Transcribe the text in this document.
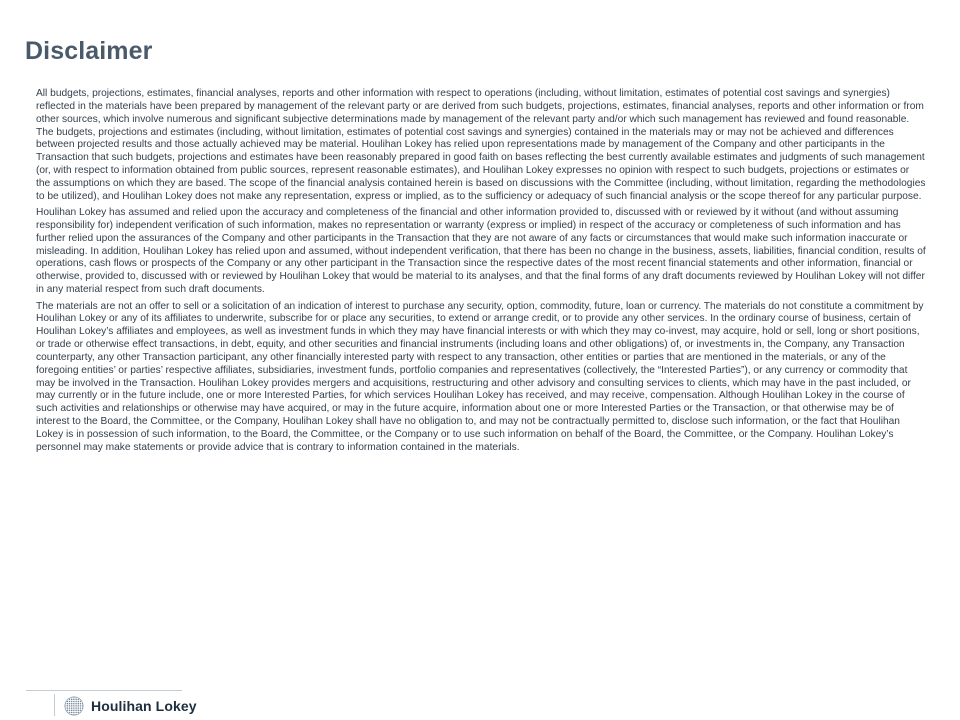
Disclaimer

All budgets, projections, estimates, financial analyses, reports and other information with respect to operations (including, without limitation, estimates of potential cost savings and synergies) reflected in the materials have been prepared by management of the relevant party or are derived from such budgets, projections, estimates, financial analyses, reports and other information or from other sources, which involve numerous and significant subjective determinations made by management of the relevant party and/or which such management has reviewed and found reasonable. The budgets, projections and estimates (including, without limitation, estimates of potential cost savings and synergies) contained in the materials may or may not be achieved and differences between projected results and those actually achieved may be material. Houlihan Lokey has relied upon representations made by management of the Company and other participants in the Transaction that such budgets, projections and estimates have been reasonably prepared in good faith on bases reflecting the best currently available estimates and judgments of such management (or, with respect to information obtained from public sources, represent reasonable estimates), and Houlihan Lokey expresses no opinion with respect to such budgets, projections or estimates or the assumptions on which they are based. The scope of the financial analysis contained herein is based on discussions with the Committee (including, without limitation, regarding the methodologies to be utilized), and Houlihan Lokey does not make any representation, express or implied, as to the sufficiency or adequacy of such financial analysis or the scope thereof for any particular purpose.

Houlihan Lokey has assumed and relied upon the accuracy and completeness of the financial and other information provided to, discussed with or reviewed by it without (and without assuming responsibility for) independent verification of such information, makes no representation or warranty (express or implied) in respect of the accuracy or completeness of such information and has further relied upon the assurances of the Company and other participants in the Transaction that they are not aware of any facts or circumstances that would make such information inaccurate or misleading. In addition, Houlihan Lokey has relied upon and assumed, without independent verification, that there has been no change in the business, assets, liabilities, financial condition, results of operations, cash flows or prospects of the Company or any other participant in the Transaction since the respective dates of the most recent financial statements and other information, financial or otherwise, provided to, discussed with or reviewed by Houlihan Lokey that would be material to its analyses, and that the final forms of any draft documents reviewed by Houlihan Lokey will not differ in any material respect from such draft documents.

The materials are not an offer to sell or a solicitation of an indication of interest to purchase any security, option, commodity, future, loan or currency. The materials do not constitute a commitment by Houlihan Lokey or any of its affiliates to underwrite, subscribe for or place any securities, to extend or arrange credit, or to provide any other services. In the ordinary course of business, certain of Houlihan Lokey’s affiliates and employees, as well as investment funds in which they may have financial interests or with which they may co-invest, may acquire, hold or sell, long or short positions, or trade or otherwise effect transactions, in debt, equity, and other securities and financial instruments (including loans and other obligations) of, or investments in, the Company, any Transaction counterparty, any other Transaction participant, any other financially interested party with respect to any transaction, other entities or parties that are mentioned in the materials, or any of the foregoing entities’ or parties’ respective affiliates, subsidiaries, investment funds, portfolio companies and representatives (collectively, the “Interested Parties”), or any currency or commodity that may be involved in the Transaction. Houlihan Lokey provides mergers and acquisitions, restructuring and other advisory and consulting services to clients, which may have in the past included, or may currently or in the future include, one or more Interested Parties, for which services Houlihan Lokey has received, and may receive, compensation. Although Houlihan Lokey in the course of such activities and relationships or otherwise may have acquired, or may in the future acquire, information about one or more Interested Parties or the Transaction, or that otherwise may be of interest to the Board, the Committee, or the Company, Houlihan Lokey shall have no obligation to, and may not be contractually permitted to, disclose such information, or the fact that Houlihan Lokey is in possession of such information, to the Board, the Committee, or the Company or to use such information on behalf of the Board, the Committee, or the Company. Houlihan Lokey’s personnel may make statements or provide advice that is contrary to information contained in the materials.

Houlihan Lokey
